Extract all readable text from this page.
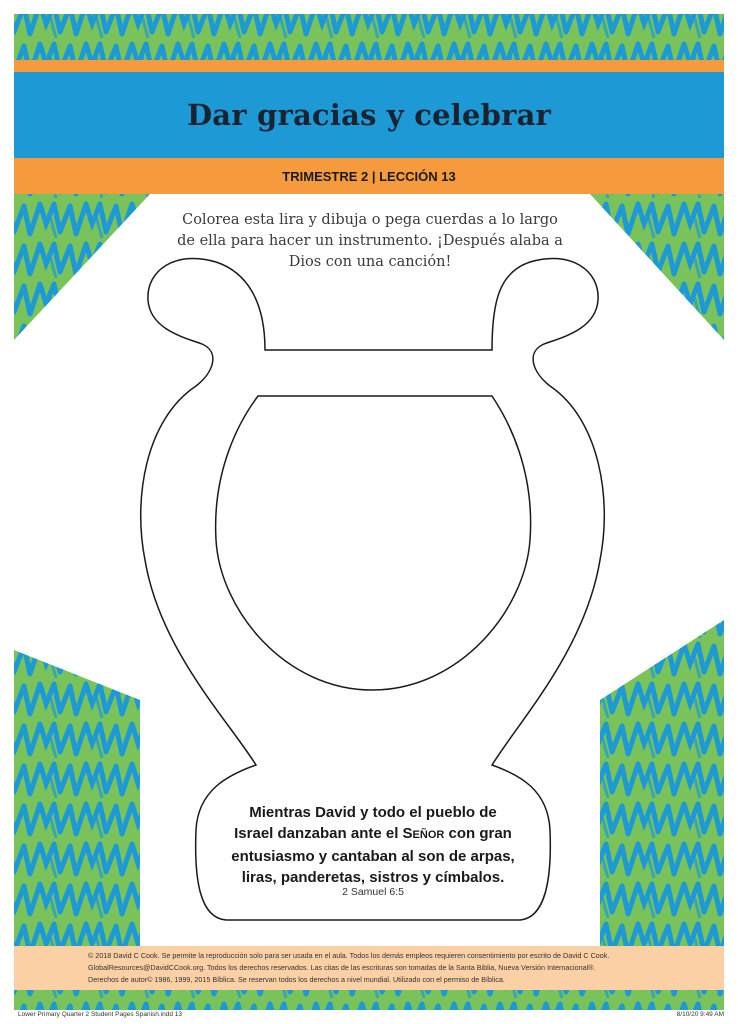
Dar gracias y celebrar
TRIMESTRE 2 | LECCIÓN 13
Colorea esta lira y dibuja o pega cuerdas a lo largo
de ella para hacer un instrumento. ¡Después alaba a
Dios con una canción!
Mientras David y todo el pueblo de
Israel danzaban ante el SEÑOR con gran
entusiasmo y cantaban al son de arpas,
liras, panderetas, sistros y címbalos.
2 Samuel 6:5
© 2018 David C Cook. Se permite la reproducción solo para ser usada en el aula. Todos los demás empleos requieren consentimiento por escrito de David C Cook.
GlobalResources@DavidCCook.org. Todos los derechos reservados. Las citas de las escrituras son tomadas de la Santa Biblia, Nueva Versión Internacional®.
Derechos de autor© 1986, 1999, 2015 Bíblica. Se reservan todos los derechos a nivel mundial. Utilizado con el permiso de Bíblica.
Lower Primary Quarter 2 Student Pages Spanish.indd 13	8/10/20 9:49 AM
